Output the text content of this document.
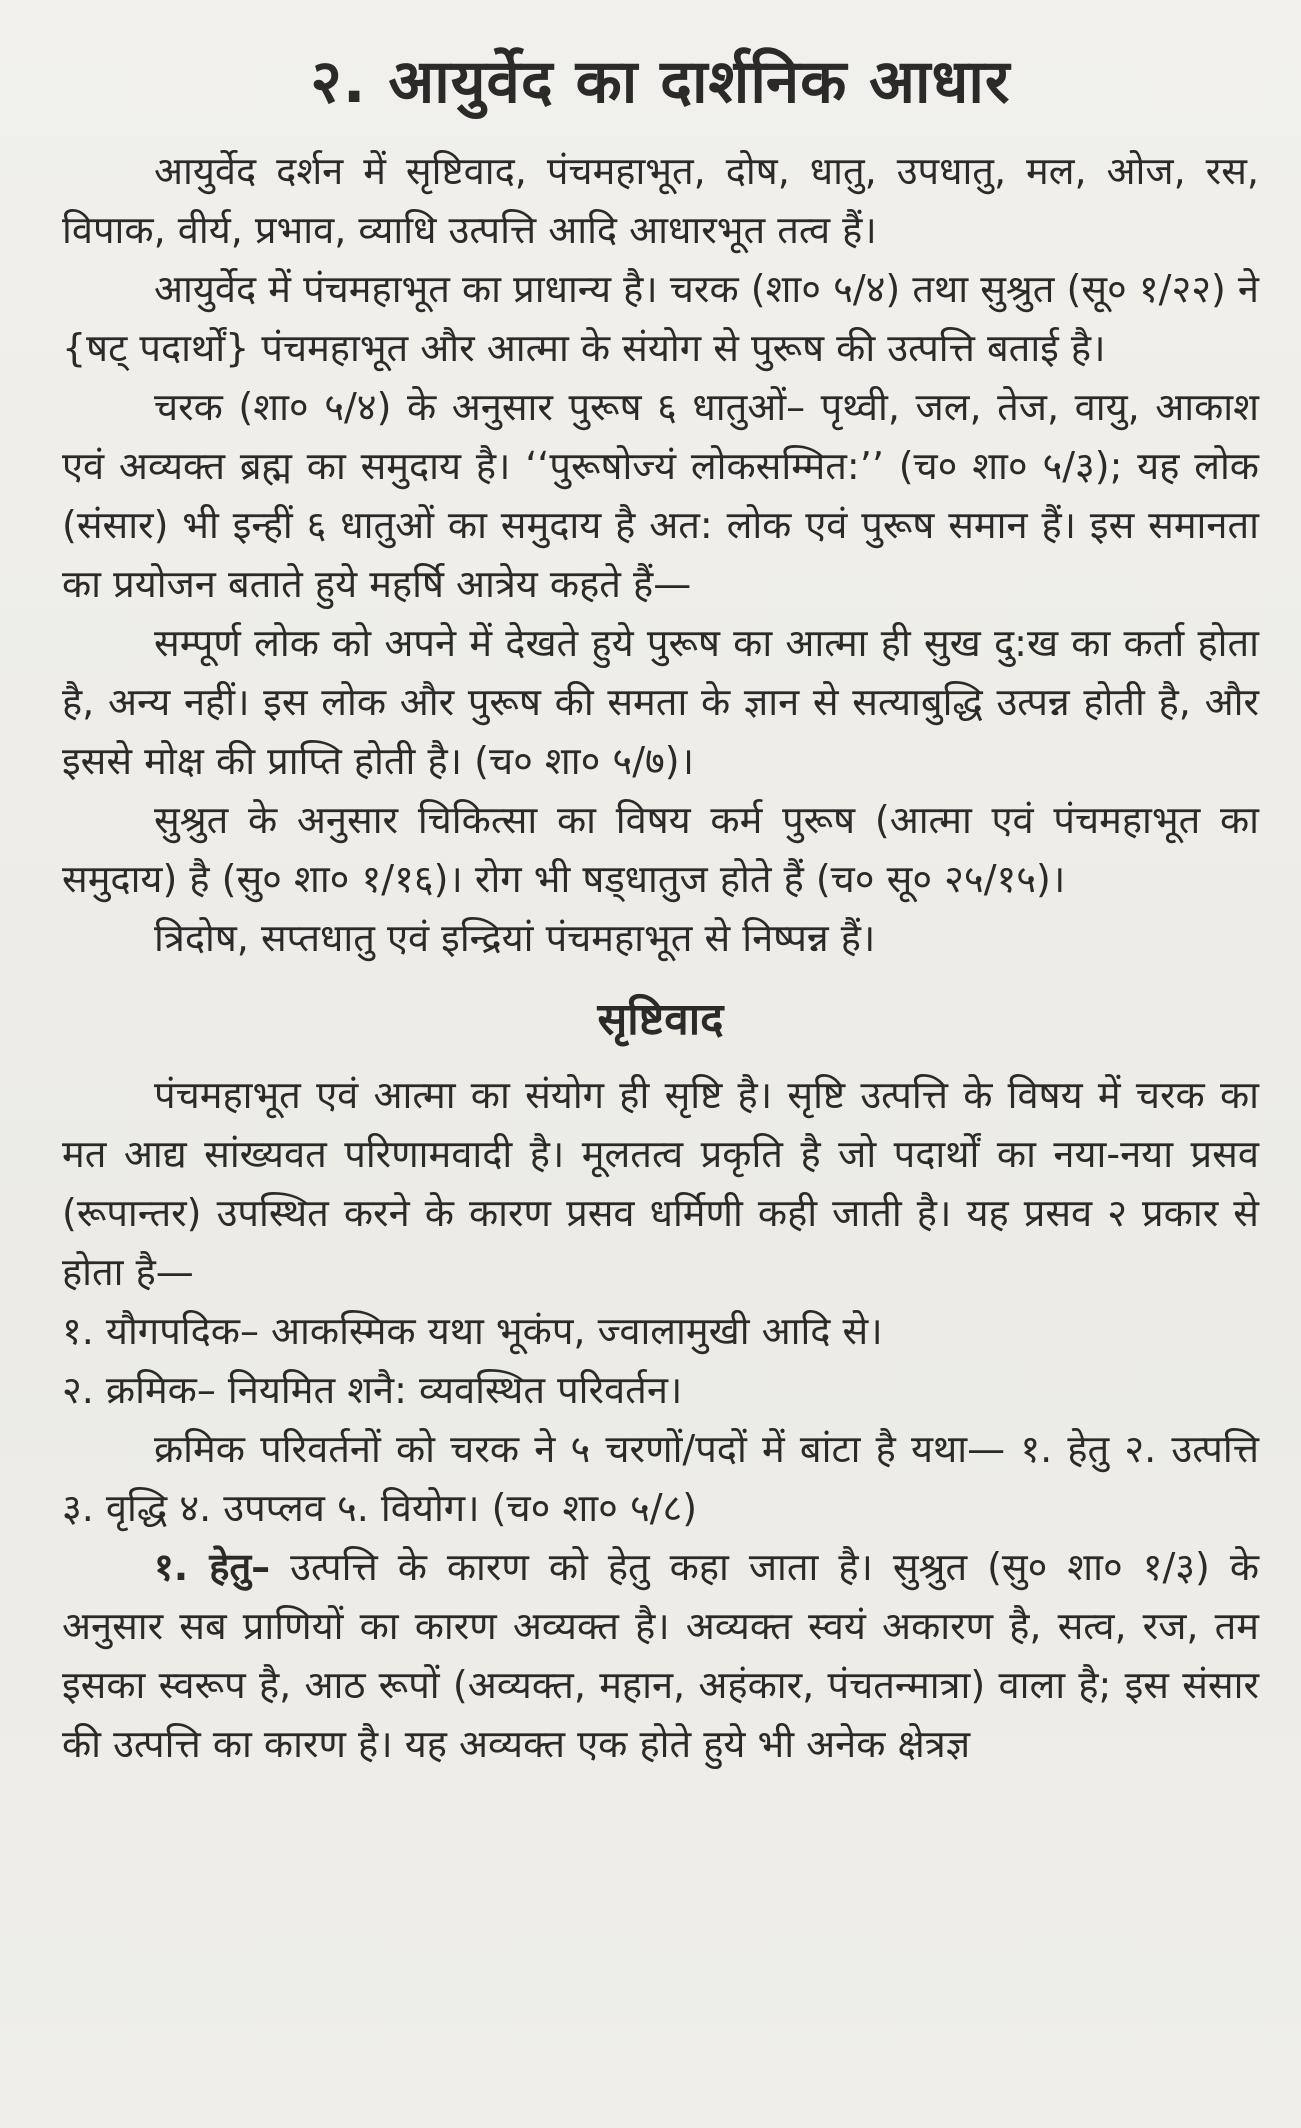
२. आयुर्वेद का दार्शनिक आधार

आयुर्वेद दर्शन में सृष्टिवाद, पंचमहाभूत, दोष, धातु, उपधातु, मल, ओज, रस, विपाक, वीर्य, प्रभाव, व्याधि उत्पत्ति आदि आधारभूत तत्व हैं।

आयुर्वेद में पंचमहाभूत का प्राधान्य है। चरक (शा० ५/४) तथा सुश्रुत (सू० १/२२) ने {षट् पदार्थों} पंचमहाभूत और आत्मा के संयोग से पुरूष की उत्पत्ति बताई है।

चरक (शा० ५/४) के अनुसार पुरूष ६ धातुओं– पृथ्वी, जल, तेज, वायु, आकाश एवं अव्यक्त ब्रह्म का समुदाय है। ‘‘पुरूषोज्यं लोकसम्मित:’’ (च० शा० ५/३); यह लोक (संसार) भी इन्हीं ६ धातुओं का समुदाय है अत: लोक एवं पुरूष समान हैं। इस समानता का प्रयोजन बताते हुये महर्षि आत्रेय कहते हैं—

सम्पूर्ण लोक को अपने में देखते हुये पुरूष का आत्मा ही सुख दु:ख का कर्ता होता है, अन्य नहीं। इस लोक और पुरूष की समता के ज्ञान से सत्याबुद्धि उत्पन्न होती है, और इससे मोक्ष की प्राप्ति होती है। (च० शा० ५/७)।

सुश्रुत के अनुसार चिकित्सा का विषय कर्म पुरूष (आत्मा एवं पंचमहाभूत का समुदाय) है (सु० शा० १/१६)। रोग भी षड्धातुज होते हैं (च० सू० २५/१५)।

त्रिदोष, सप्तधातु एवं इन्द्रियां पंचमहाभूत से निष्पन्न हैं।

सृष्टिवाद

पंचमहाभूत एवं आत्मा का संयोग ही सृष्टि है। सृष्टि उत्पत्ति के विषय में चरक का मत आद्य सांख्यवत परिणामवादी है। मूलतत्व प्रकृति है जो पदार्थों का नया-नया प्रसव (रूपान्तर) उपस्थित करने के कारण प्रसव धर्मिणी कही जाती है। यह प्रसव २ प्रकार से होता है—

१. यौगपदिक– आकस्मिक यथा भूकंप, ज्वालामुखी आदि से।

२. क्रमिक– नियमित शनै: व्यवस्थित परिवर्तन।

क्रमिक परिवर्तनों को चरक ने ५ चरणों/पदों में बांटा है यथा— १. हेतु २. उत्पत्ति ३. वृद्धि ४. उपप्लव ५. वियोग। (च० शा० ५/८)

१. हेतु– उत्पत्ति के कारण को हेतु कहा जाता है। सुश्रुत (सु० शा० १/३) के अनुसार सब प्राणियों का कारण अव्यक्त है। अव्यक्त स्वयं अकारण है, सत्व, रज, तम इसका स्वरूप है, आठ रूपों (अव्यक्त, महान, अहंकार, पंचतन्मात्रा) वाला है; इस संसार की उत्पत्ति का कारण है। यह अव्यक्त एक होते हुये भी अनेक क्षेत्रज्ञ
